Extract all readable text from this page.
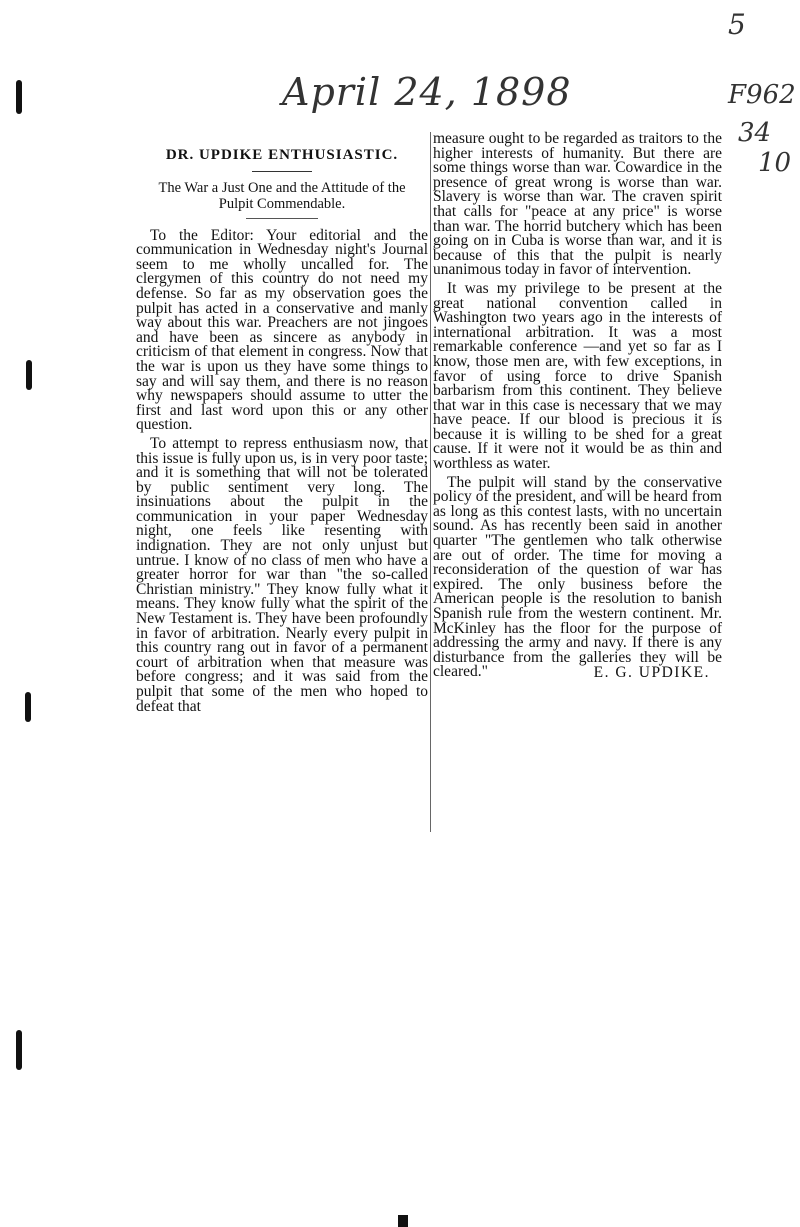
5
April 24, 1898	F962
34
10
DR. UPDIKE ENTHUSIASTIC.
The War a Just One and the Attitude of the Pulpit Commendable.

To the Editor: Your editorial and the communication in Wednesday night's Journal seem to me wholly uncalled for. The clergymen of this country do not need my defense. So far as my observation goes the pulpit has acted in a conservative and manly way about this war. Preachers are not jingoes and have been as sincere as anybody in criticism of that element in congress. Now that the war is upon us they have some things to say and will say them, and there is no reason why newspapers should assume to utter the first and last word upon this or any other question.

To attempt to repress enthusiasm now, that this issue is fully upon us, is in very poor taste; and it is something that will not be tolerated by public sentiment very long. The insinuations about the pulpit in the communication in your paper Wednesday night, one feels like resenting with indignation. They are not only unjust but untrue. I know of no class of men who have a greater horror for war than "the so-called Christian ministry." They know fully what it means. They know fully what the spirit of the New Testament is. They have been profoundly in favor of arbitration. Nearly every pulpit in this country rang out in favor of a permanent court of arbitration when that measure was before congress; and it was said from the pulpit that some of the men who hoped to defeat that

measure ought to be regarded as traitors to the higher interests of humanity. But there are some things worse than war. Cowardice in the presence of great wrong is worse than war. Slavery is worse than war. The craven spirit that calls for "peace at any price" is worse than war. The horrid butchery which has been going on in Cuba is worse than war, and it is because of this that the pulpit is nearly unanimous today in favor of intervention.

It was my privilege to be present at the great national convention called in Washington two years ago in the interests of international arbitration. It was a most remarkable conference —and yet so far as I know, those men are, with few exceptions, in favor of using force to drive Spanish barbarism from this continent. They believe that war in this case is necessary that we may have peace. If our blood is precious it is because it is willing to be shed for a great cause. If it were not it would be as thin and worthless as water.

The pulpit will stand by the conservative policy of the president, and will be heard from as long as this contest lasts, with no uncertain sound. As has recently been said in another quarter "The gentlemen who talk otherwise are out of order. The time for moving a reconsideration of the question of war has expired. The only business before the American people is the resolution to banish Spanish rule from the western continent. Mr. McKinley has the floor for the purpose of addressing the army and navy. If there is any disturbance from the galleries they will be cleared."	E. G. UPDIKE.
